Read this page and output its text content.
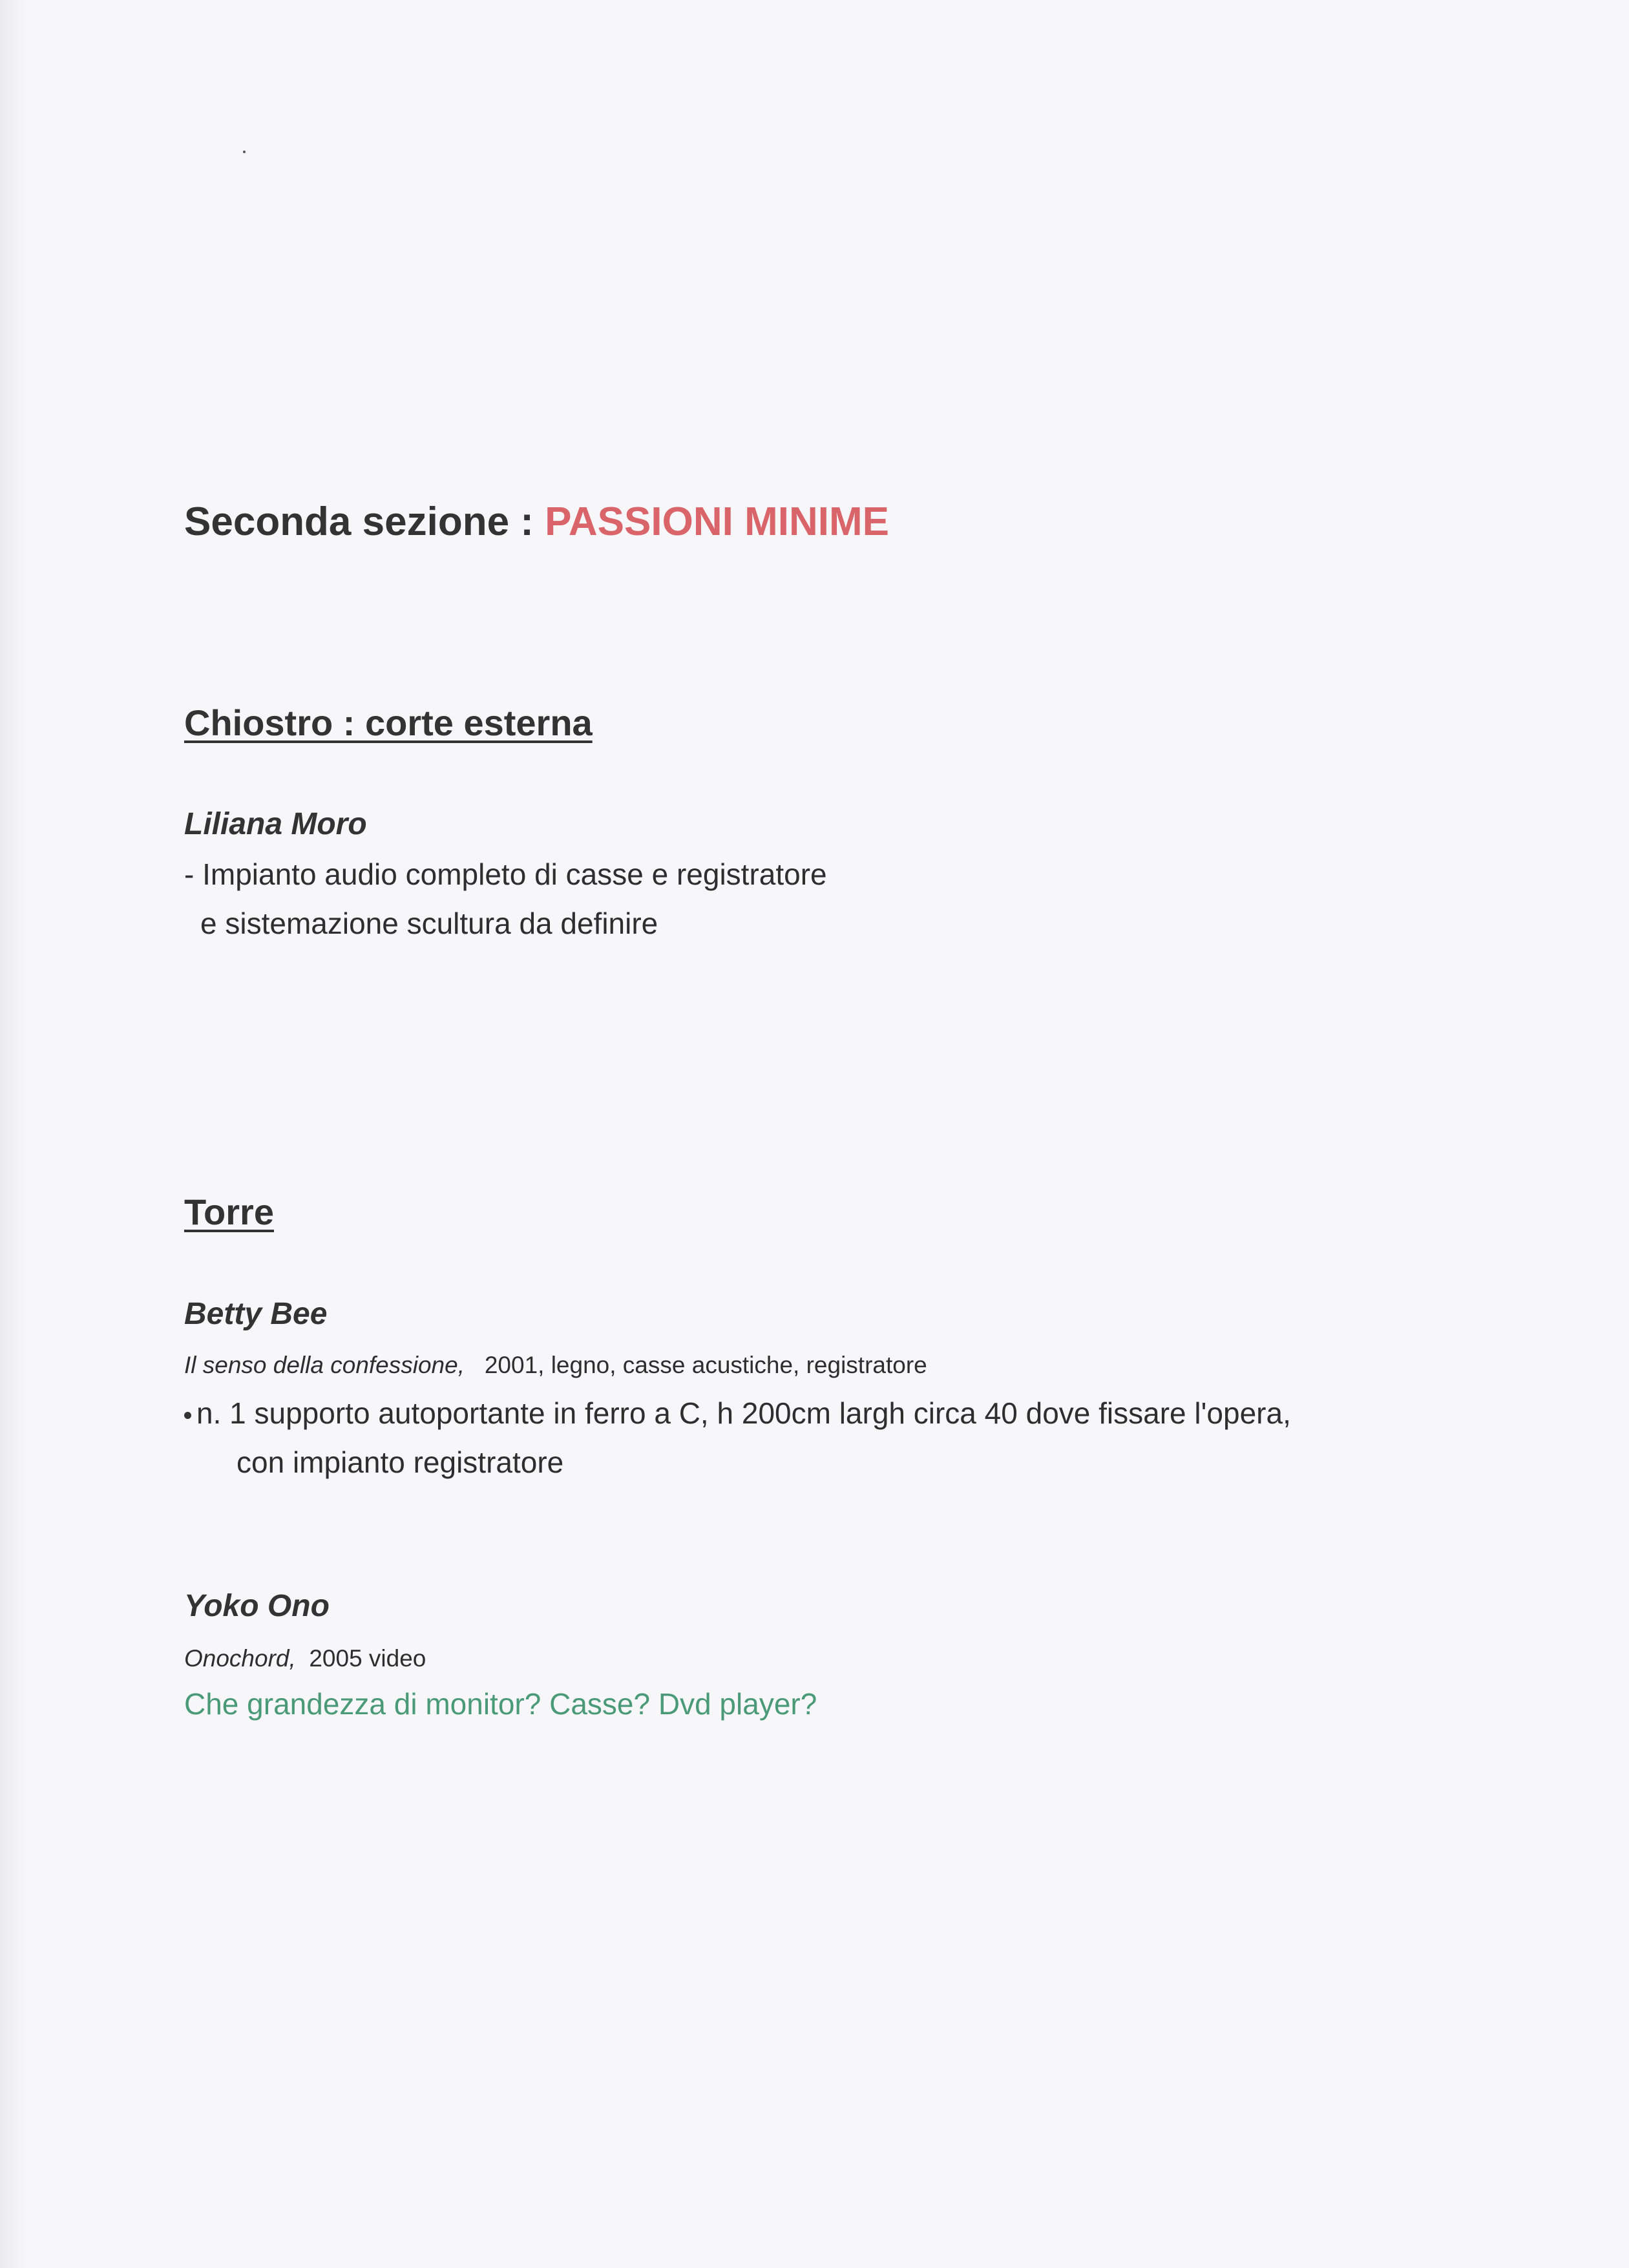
Seconda sezione : PASSIONI MINIME
Chiostro : corte esterna
Liliana Moro
- Impianto audio completo di casse e registratore
e sistemazione scultura da definire
Torre
Betty Bee
Il senso della confessione, 2001, legno, casse acustiche, registratore
n. 1 supporto autoportante in ferro a C, h 200cm largh circa 40 dove fissare l'opera,
con impianto registratore
Yoko Ono
Onochord, 2005 video
Che grandezza di monitor? Casse? Dvd player?
